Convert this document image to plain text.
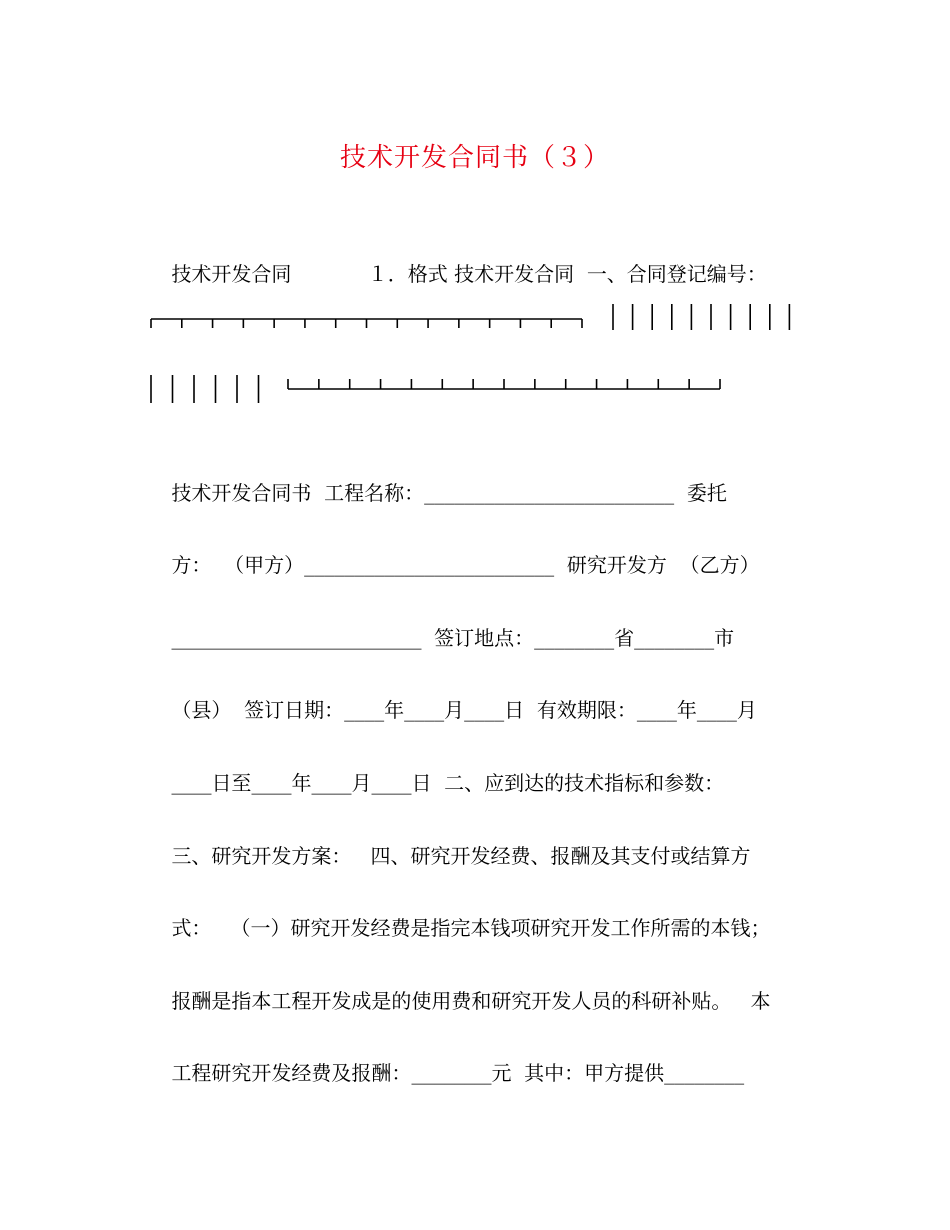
技术开发合同书（３）

技术开发合同	１．格式 技术开发合同 一、合同登记编号：

技术开发合同书 工程名称：_________________________ 委托

方： （甲方）_________________________ 研究开发方 （乙方）

_________________________ 签订地点：________省________市

（县） 签订日期：____年____月____日 有效期限：____年____月

____日至____年____月____日 二、应到达的技术指标和参数：

三、研究开发方案： 四、研究开发经费、报酬及其支付或结算方

式： （一）研究开发经费是指完本钱项研究开发工作所需的本钱；

报酬是指本工程开发成是的使用费和研究开发人员的科研补贴。 本

工程研究开发经费及报酬：________元 其中：甲方提供________
